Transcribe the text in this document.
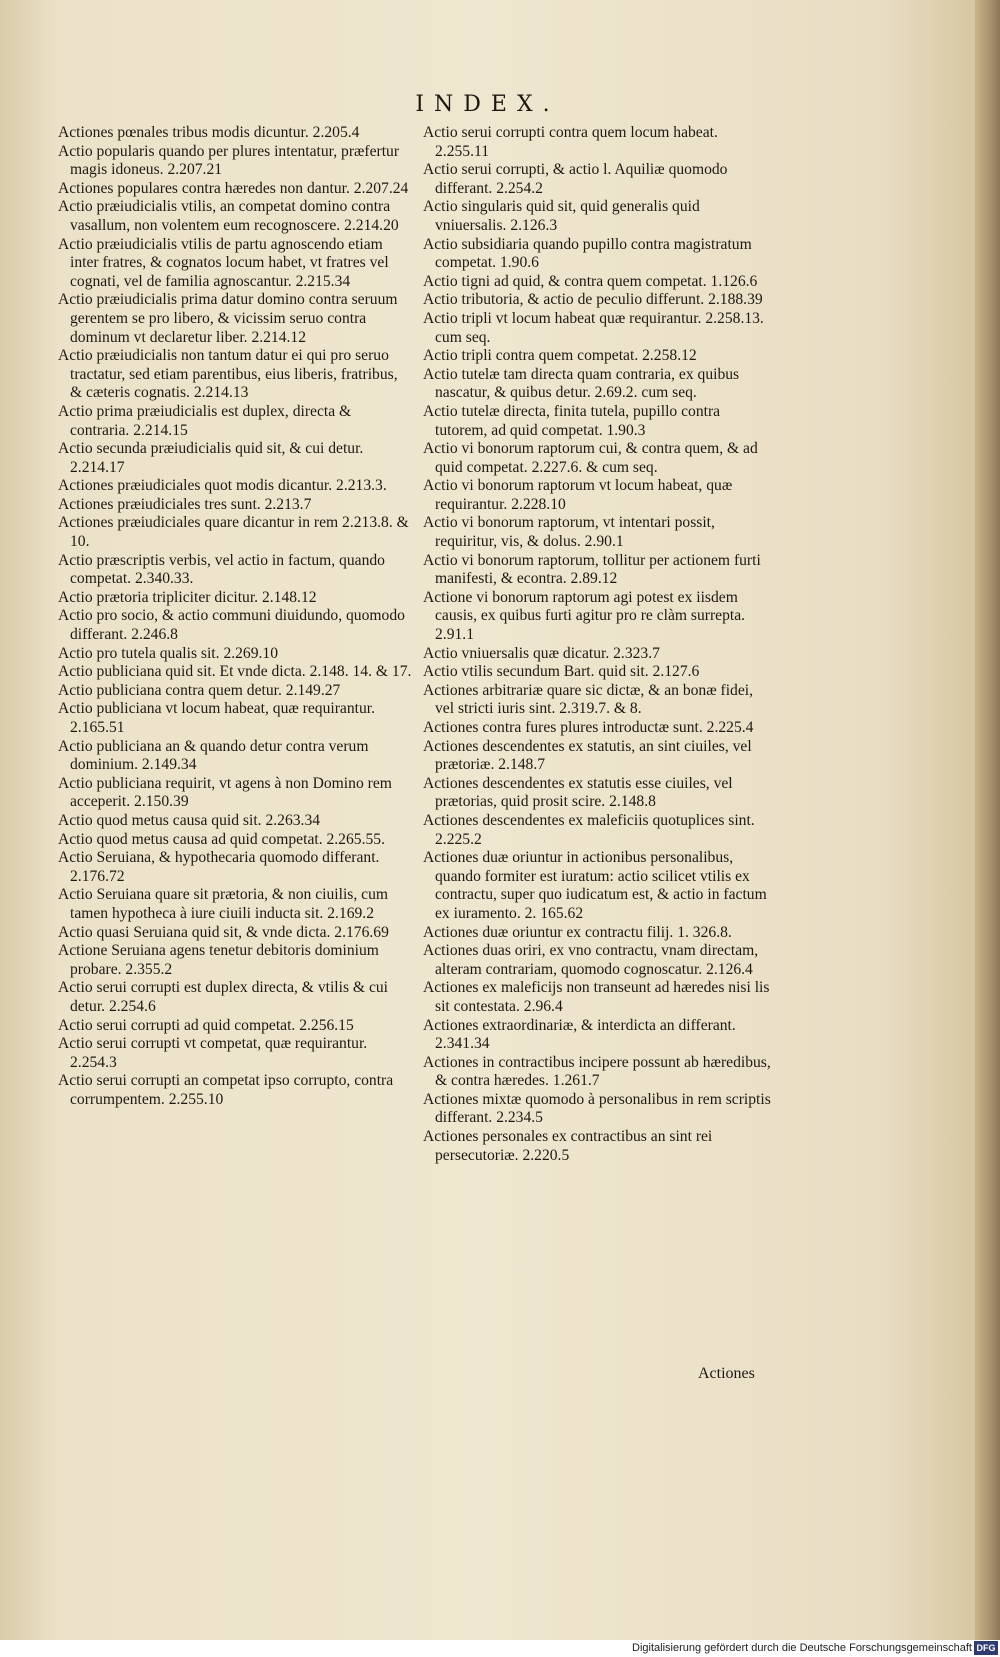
INDEX.
Actiones pœnales tribus modis dicuntur. 2.205.4
Actio popularis quando per plures intentatur, præfertur magis idoneus. 2.207.21
Actiones populares contra hæredes non dantur. 2.207.24
Actio præiudicialis vtilis, an competat domino contra vasallum, non volentem eum recognoscere. 2.214.20
Actio præiudicialis vtilis de partu agnoscendo etiam inter fratres, & cognatos locum habet, vt fratres vel cognati, vel de familia agnoscantur. 2.215.34
Actio præiudicialis prima datur domino contra seruum gerentem se pro libero, & vicissim seruo contra dominum vt declaretur liber. 2.214.12
Actio præiudicialis non tantum datur ei qui pro seruo tractatur, sed etiam parentibus, eius liberis, fratribus, & cæteris cognatis. 2.214.13
Actio prima præiudicialis est duplex, directa & contraria. 2.214.15
Actio secunda præiudicialis quid sit, & cui detur. 2.214.17
Actiones præiudiciales quot modis dicantur. 2.213.3.
Actiones præiudiciales tres sunt. 2.213.7
Actiones præiudiciales quare dicantur in rem 2.213.8. & 10.
Actio præscriptis verbis, vel actio in factum, quando competat. 2.340.33.
Actio prætoria tripliciter dicitur. 2.148.12
Actio pro socio, & actio communi diuidundo, quomodo differant. 2.246.8
Actio pro tutela qualis sit. 2.269.10
Actio publiciana quid sit. Et vnde dicta. 2.148. 14. & 17.
Actio publiciana contra quem detur. 2.149.27
Actio publiciana vt locum habeat, quæ requirantur. 2.165.51
Actio publiciana an & quando detur contra verum dominium. 2.149.34
Actio publiciana requirit, vt agens à non Domino rem acceperit. 2.150.39
Actio quod metus causa quid sit. 2.263.34
Actio quod metus causa ad quid competat. 2.265.55.
Actio Seruiana, & hypothecaria quomodo differant. 2.176.72
Actio Seruiana quare sit prætoria, & non ciuilis, cum tamen hypotheca à iure ciuili inducta sit. 2.169.2
Actio quasi Seruiana quid sit, & vnde dicta. 2.176.69
Actione Seruiana agens tenetur debitoris dominium probare. 2.355.2
Actio serui corrupti est duplex directa, & vtilis & cui detur. 2.254.6
Actio serui corrupti ad quid competat. 2.256.15
Actio serui corrupti vt competat, quæ requirantur. 2.254.3
Actio serui corrupti an competat ipso corrupto, contra corrumpentem. 2.255.10
Actio serui corrupti contra quem locum habeat. 2.255.11
Actio serui corrupti, & actio l. Aquiliæ quomodo differant. 2.254.2
Actio singularis quid sit, quid generalis quid vniuersalis. 2.126.3
Actio subsidiaria quando pupillo contra magistratum competat. 1.90.6
Actio tigni ad quid, & contra quem competat. 1.126.6
Actio tributoria, & actio de peculio differunt. 2.188.39
Actio tripli vt locum habeat quæ requirantur. 2.258.13. cum seq.
Actio tripli contra quem competat. 2.258.12
Actio tutelæ tam directa quam contraria, ex quibus nascatur, & quibus detur. 2.69.2. cum seq.
Actio tutelæ directa, finita tutela, pupillo contra tutorem, ad quid competat. 1.90.3
Actio vi bonorum raptorum cui, & contra quem, & ad quid competat. 2.227.6. & cum seq.
Actio vi bonorum raptorum vt locum habeat, quæ requirantur. 2.228.10
Actio vi bonorum raptorum, vt intentari possit, requiritur, vis, & dolus. 2.90.1
Actio vi bonorum raptorum, tollitur per actionem furti manifesti, & econtra. 2.89.12
Actione vi bonorum raptorum agi potest ex iisdem causis, ex quibus furti agitur pro re clàm surrepta. 2.91.1
Actio vniuersalis quæ dicatur. 2.323.7
Actio vtilis secundum Bart. quid sit. 2.127.6
Actiones arbitrariæ quare sic dictæ, & an bonæ fidei, vel stricti iuris sint. 2.319.7. & 8.
Actiones contra fures plures introductæ sunt. 2.225.4
Actiones descendentes ex statutis, an sint ciuiles, vel prætoriæ. 2.148.7
Actiones descendentes ex statutis esse ciuiles, vel prætorias, quid prosit scire. 2.148.8
Actiones descendentes ex maleficiis quotuplices sint. 2.225.2
Actiones duæ oriuntur in actionibus personalibus, quando formiter est iuratum: actio scilicet vtilis ex contractu, super quo iudicatum est, & actio in factum ex iuramento. 2. 165.62
Actiones duæ oriuntur ex contractu filij. 1. 326.8.
Actiones duas oriri, ex vno contractu, vnam directam, alteram contrariam, quomodo cognoscatur. 2.126.4
Actiones ex maleficijs non transeunt ad hæredes nisi lis sit contestata. 2.96.4
Actiones extraordinariæ, & interdicta an differant. 2.341.34
Actiones in contractibus incipere possunt ab hæredibus, & contra hæredes. 1.261.7
Actiones mixtæ quomodo à personalibus in rem scriptis differant. 2.234.5
Actiones personales ex contractibus an sint rei persecutoriæ. 2.220.5
Actiones
Digitalisierung gefördert durch die Deutsche Forschungsgemeinschaft DFG
